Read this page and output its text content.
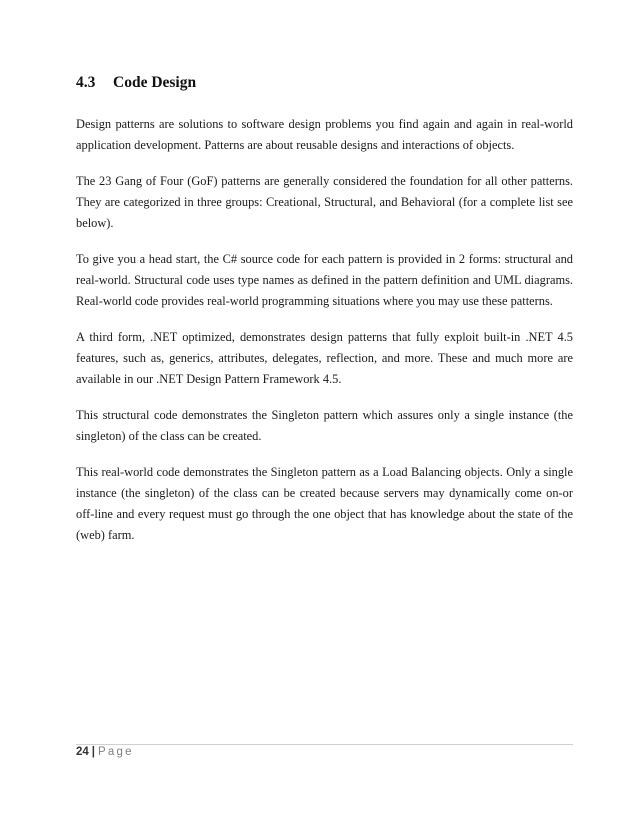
4.3 Code Design

Design patterns are solutions to software design problems you find again and again in real-world application development. Patterns are about reusable designs and interactions of objects.

The 23 Gang of Four (GoF) patterns are generally considered the foundation for all other patterns. They are categorized in three groups: Creational, Structural, and Behavioral (for a complete list see below).

To give you a head start, the C# source code for each pattern is provided in 2 forms: structural and real-world. Structural code uses type names as defined in the pattern definition and UML diagrams. Real-world code provides real-world programming situations where you may use these patterns.

A third form, .NET optimized, demonstrates design patterns that fully exploit built-in .NET 4.5 features, such as, generics, attributes, delegates, reflection, and more. These and much more are available in our .NET Design Pattern Framework 4.5.

This structural code demonstrates the Singleton pattern which assures only a single instance (the singleton) of the class can be created.

This real-world code demonstrates the Singleton pattern as a Load Balancing objects. Only a single instance (the singleton) of the class can be created because servers may dynamically come on-or off-line and every request must go through the one object that has knowledge about the state of the (web) farm.

24 | Page
